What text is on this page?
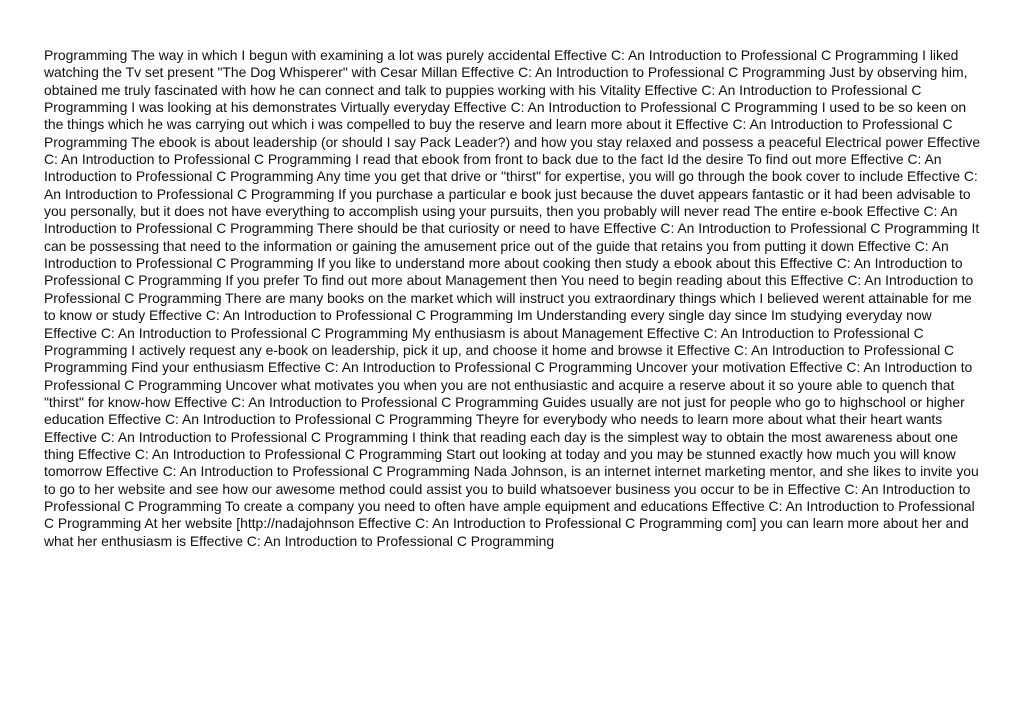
Programming The way in which I begun with examining a lot was purely accidental Effective C: An Introduction to Professional C Programming I liked watching the Tv set present "The Dog Whisperer" with Cesar Millan Effective C: An Introduction to Professional C Programming Just by observing him, obtained me truly fascinated with how he can connect and talk to puppies working with his Vitality Effective C: An Introduction to Professional C Programming I was looking at his demonstrates Virtually everyday Effective C: An Introduction to Professional C Programming I used to be so keen on the things which he was carrying out which i was compelled to buy the reserve and learn more about it Effective C: An Introduction to Professional C Programming The ebook is about leadership (or should I say Pack Leader?) and how you stay relaxed and possess a peaceful Electrical power Effective C: An Introduction to Professional C Programming I read that ebook from front to back due to the fact Id the desire To find out more Effective C: An Introduction to Professional C Programming Any time you get that drive or "thirst" for expertise, you will go through the book cover to include Effective C: An Introduction to Professional C Programming If you purchase a particular e book just because the duvet appears fantastic or it had been advisable to you personally, but it does not have everything to accomplish using your pursuits, then you probably will never read The entire e-book Effective C: An Introduction to Professional C Programming There should be that curiosity or need to have Effective C: An Introduction to Professional C Programming It can be possessing that need to the information or gaining the amusement price out of the guide that retains you from putting it down Effective C: An Introduction to Professional C Programming If you like to understand more about cooking then study a ebook about this Effective C: An Introduction to Professional C Programming If you prefer To find out more about Management then You need to begin reading about this Effective C: An Introduction to Professional C Programming There are many books on the market which will instruct you extraordinary things which I believed werent attainable for me to know or study Effective C: An Introduction to Professional C Programming Im Understanding every single day since Im studying everyday now Effective C: An Introduction to Professional C Programming My enthusiasm is about Management Effective C: An Introduction to Professional C Programming I actively request any e-book on leadership, pick it up, and choose it home and browse it Effective C: An Introduction to Professional C Programming Find your enthusiasm Effective C: An Introduction to Professional C Programming Uncover your motivation Effective C: An Introduction to Professional C Programming Uncover what motivates you when you are not enthusiastic and acquire a reserve about it so youre able to quench that "thirst" for know-how Effective C: An Introduction to Professional C Programming Guides usually are not just for people who go to highschool or higher education Effective C: An Introduction to Professional C Programming Theyre for everybody who needs to learn more about what their heart wants Effective C: An Introduction to Professional C Programming I think that reading each day is the simplest way to obtain the most awareness about one thing Effective C: An Introduction to Professional C Programming Start out looking at today and you may be stunned exactly how much you will know tomorrow Effective C: An Introduction to Professional C Programming Nada Johnson, is an internet internet marketing mentor, and she likes to invite you to go to her website and see how our awesome method could assist you to build whatsoever business you occur to be in Effective C: An Introduction to Professional C Programming To create a company you need to often have ample equipment and educations Effective C: An Introduction to Professional C Programming At her website [http://nadajohnson Effective C: An Introduction to Professional C Programming com] you can learn more about her and what her enthusiasm is Effective C: An Introduction to Professional C Programming
